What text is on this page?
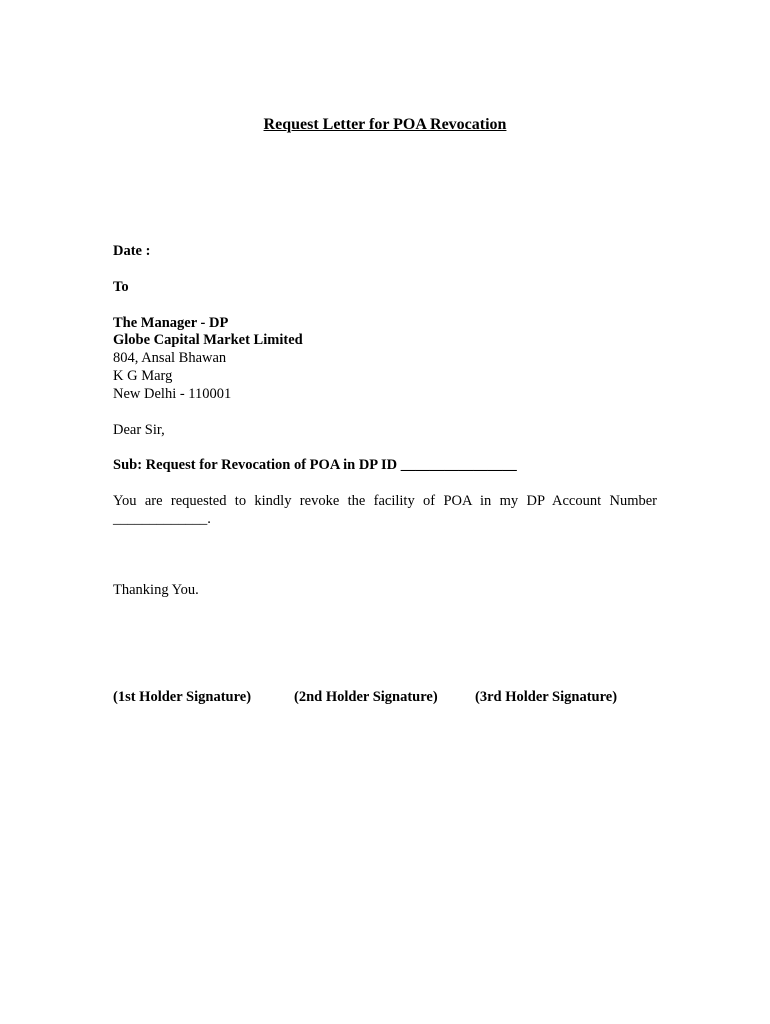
Request Letter for POA Revocation
Date :
To
The Manager - DP
Globe Capital Market Limited
804, Ansal Bhawan
K G Marg
New Delhi - 110001
Dear Sir,
Sub: Request for Revocation of POA in DP ID ________________
You are requested to kindly revoke the facility of POA in my DP Account Number
_____________.
Thanking You.
(1st Holder Signature)	(2nd Holder Signature)	(3rd Holder Signature)
